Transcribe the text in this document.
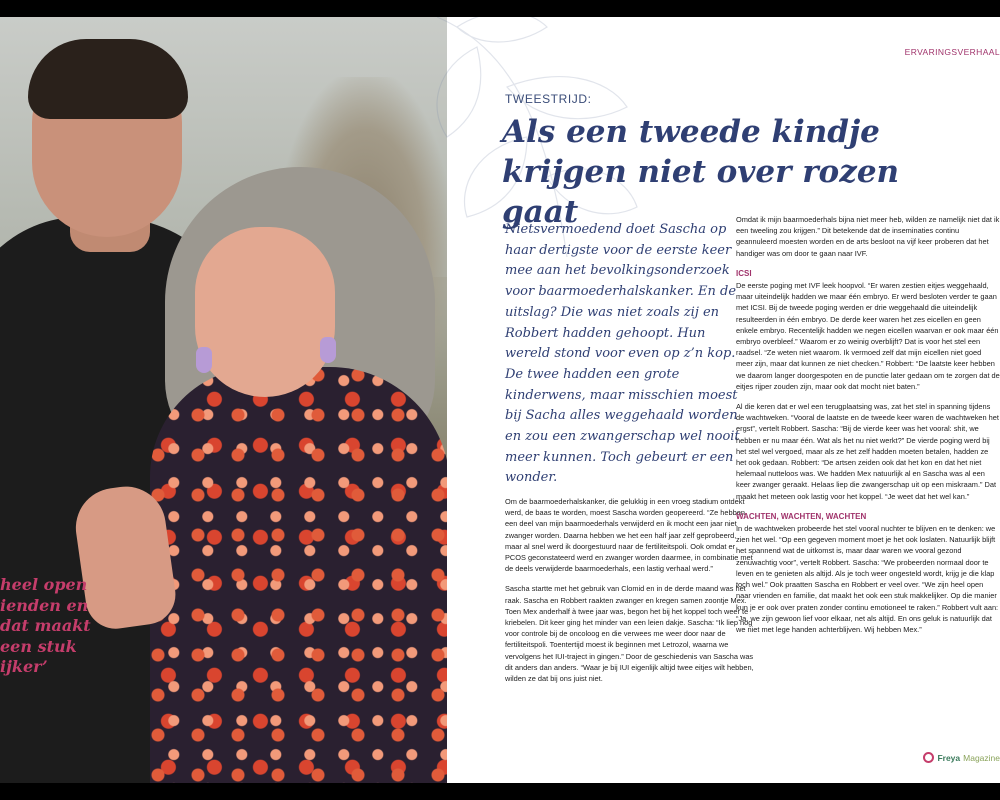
heel open
ienden en
dat maakt
een stuk
ijker’
ERVARINGSVERHAAL
TWEESTRIJD:
Als een tweede kindje krijgen niet over rozen gaat
Nietsvermoedend doet Sascha op haar dertigste voor de eerste keer mee aan het bevolkingsonderzoek voor baarmoederhalskanker. En de uitslag? Die was niet zoals zij en Robbert hadden gehoopt. Hun wereld stond voor even op z’n kop. De twee hadden een grote kinderwens, maar misschien moest bij Sacha alles weggehaald worden en zou een zwangerschap wel nooit meer kunnen. Toch gebeurt er een wonder.

Om de baarmoederhalskanker, die gelukkig in een vroeg stadium ontdekt werd, de baas te worden, moest Sascha worden geopereerd. “Ze hebben een deel van mijn baarmoederhals verwijderd en ik mocht een jaar niet zwanger worden. Daarna hebben we het een half jaar zelf geprobeerd, maar al snel werd ik doorgestuurd naar de fertiliteitspoli. Ook omdat er PCOS geconstateerd werd en zwanger worden daarmee, in combinatie met de deels verwijderde baarmoederhals, een lastig verhaal werd.”

Sascha startte met het gebruik van Clomid en in de derde maand was het raak. Sascha en Robbert raakten zwanger en kregen samen zoontje Mex. Toen Mex anderhalf à twee jaar was, begon het bij het koppel toch weer te kriebelen. Dit keer ging het minder van een leien dakje. Sascha: “Ik liep nog voor controle bij de oncoloog en die verwees me weer door naar de fertiliteitspoli. Toentertijd moest ik beginnen met Letrozol, waarna we vervolgens het IUI-traject in gingen.” Door de geschiedenis van Sascha was dit anders dan anders. “Waar je bij IUI eigenlijk altijd twee eitjes wilt hebben, wilden ze dat bij ons juist niet.

Omdat ik mijn baarmoederhals bijna niet meer heb, wilden ze namelijk niet dat ik een tweeling zou krijgen.” Dit betekende dat de inseminaties continu geannuleerd moesten worden en de arts besloot na vijf keer proberen dat het handiger was om door te gaan naar IVF.

ICSI

De eerste poging met IVF leek hoopvol. “Er waren zestien eitjes weggehaald, maar uiteindelijk hadden we maar één embryo. Er werd besloten verder te gaan met ICSI. Bij de tweede poging werden er drie weggehaald die uiteindelijk resulteerden in één embryo. De derde keer waren het zes eicellen en geen enkele embryo. Recentelijk hadden we negen eicellen waarvan er ook maar één embryo overbleef.” Waarom er zo weinig overblijft? Dat is voor het stel een raadsel. “Ze weten niet waarom. Ik vermoed zelf dat mijn eicellen niet goed meer zijn, maar dat kunnen ze niet checken.” Robbert: “De laatste keer hebben we daarom langer doorgespoten en de punctie later gedaan om te zorgen dat de eitjes rijper zouden zijn, maar ook dat mocht niet baten.”

Al die keren dat er wel een terugplaatsing was, zat het stel in spanning tijdens de wachtweken. “Vooral de laatste en de tweede keer waren de wachtweken het ergst”, vertelt Robbert. Sascha: “Bij de vierde keer was het vooral: shit, we hebben er nu maar één. Wat als het nu niet werkt?” De vierde poging werd bij het stel wel vergoed, maar als ze het zelf hadden moeten betalen, hadden ze het ook gedaan. Robbert: “De artsen zeiden ook dat het kon en dat het niet helemaal nutteloos was. We hadden Mex natuurlijk al en Sascha was al een keer zwanger geraakt. Helaas liep die zwangerschap uit op een miskraam.” Dat maakt het meteen ook lastig voor het koppel. “Je weet dat het wel kan.”

WACHTEN, WACHTEN, WACHTEN

In de wachtweken probeerde het stel vooral nuchter te blijven en te denken: we zien het wel. “Op een gegeven moment moet je het ook loslaten. Natuurlijk blijft het spannend wat de uitkomst is, maar daar waren we vooral gezond zenuwachtig voor”, vertelt Robbert. Sascha: “We probeerden normaal door te leven en te genieten als altijd. Als je toch weer ongesteld wordt, krijg je die klap toch wel.” Ook praatten Sascha en Robbert er veel over. “We zijn heel open naar vrienden en familie, dat maakt het ook een stuk makkelijker. Op die manier kun je er ook over praten zonder continu emotioneel te raken.” Robbert vult aan: “Ja, we zijn gewoon lief voor elkaar, net als altijd. En ons geluk is natuurlijk dat we niet met lege handen achterblijven. Wij hebben Mex.”

Freya Magazine
